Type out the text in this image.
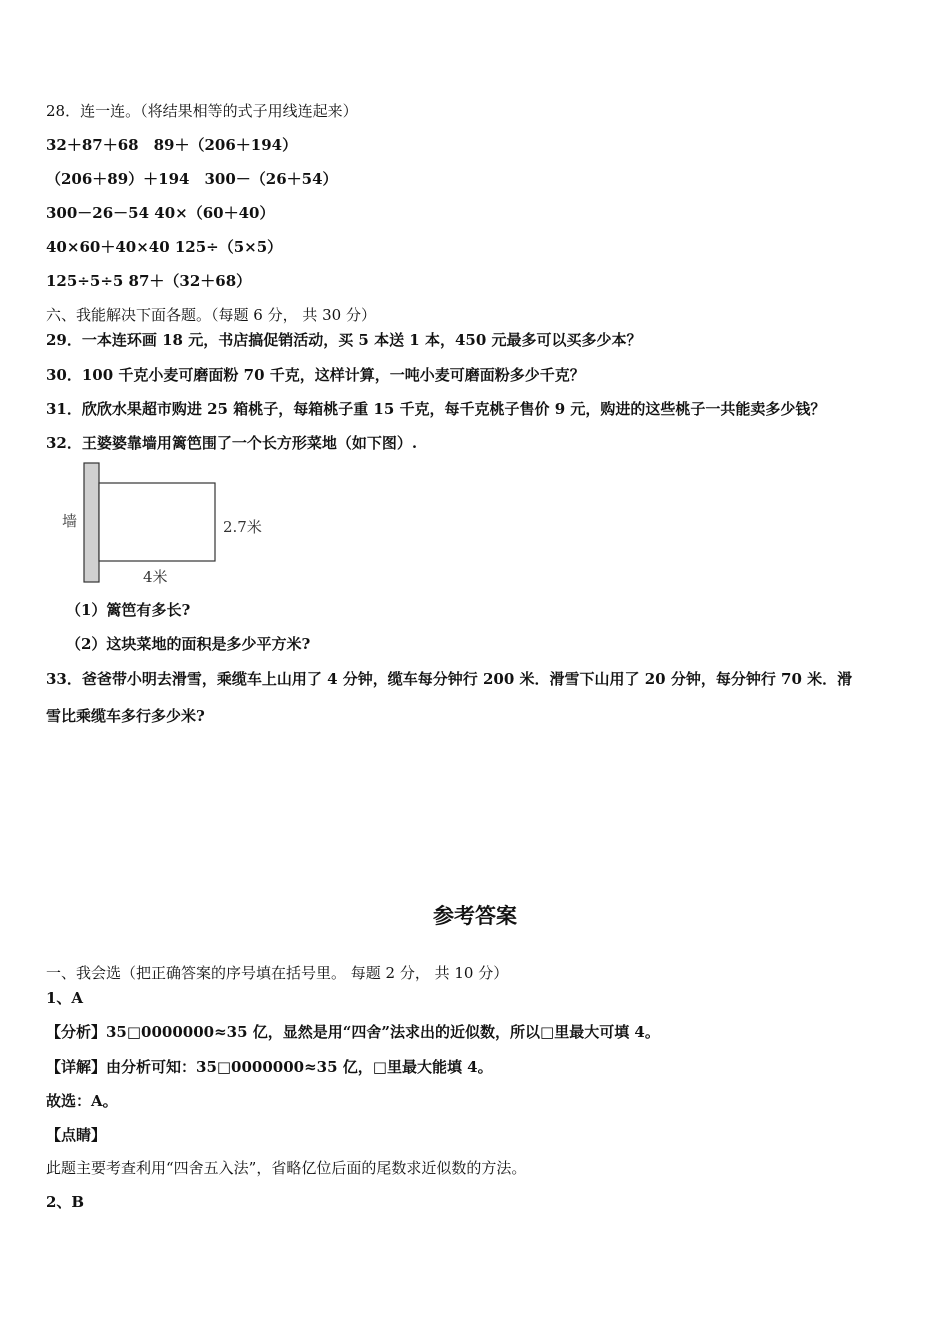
28．连一连。（将结果相等的式子用线连起来）
32＋87＋68　89＋（206＋194）
（206＋89）＋194　300－（26＋54）
300－26－54 40×（60＋40）
40×60＋40×40 125÷（5×5）
125÷5÷5 87＋（32＋68）
六、我能解决下面各题。（每题 6 分， 共 30 分）
29．一本连环画 18 元，书店搞促销活动，买 5 本送 1 本，450 元最多可以买多少本？
30．100 千克小麦可磨面粉 70 千克，这样计算，一吨小麦可磨面粉多少千克？
31．欣欣水果超市购进 25 箱桃子，每箱桃子重 15 千克，每千克桃子售价 9 元，购进的这些桃子一共能卖多少钱？
32．王婆婆靠墙用篱笆围了一个长方形菜地（如下图）.
墙	2.7米
4米
（1）篱笆有多长?
（2）这块菜地的面积是多少平方米?
33．爸爸带小明去滑雪，乘缆车上山用了 4 分钟，缆车每分钟行 200 米．滑雪下山用了 20 分钟，每分钟行 70 米．滑
雪比乘缆车多行多少米?
参考答案
一、我会选（把正确答案的序号填在括号里。 每题 2 分， 共 10 分）
1、A
【分析】35□0000000≈35 亿，显然是用“四舍”法求出的近似数，所以□里最大可填 4。
【详解】由分析可知：35□0000000≈35 亿，□里最大能填 4。
故选：A。
【点睛】
此题主要考查利用“四舍五入法”，省略亿位后面的尾数求近似数的方法。
2、B
